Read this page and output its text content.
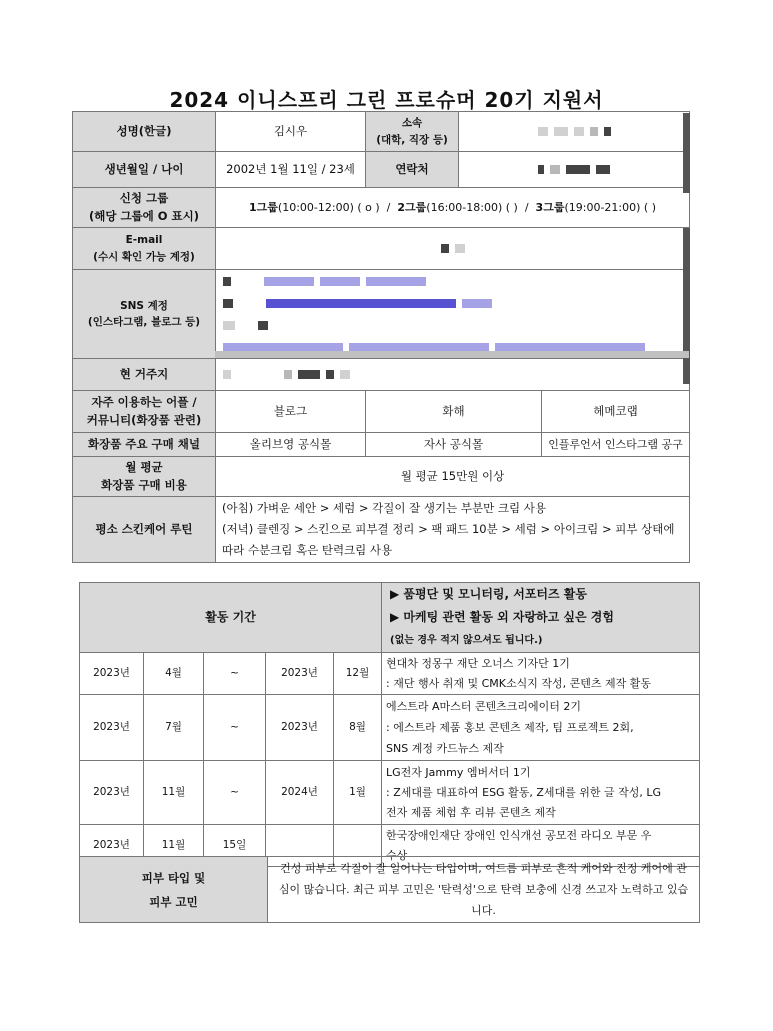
2024 이니스프리 그린 프로슈머 20기 지원서
성명(한글)	김시우	소속
(대학, 직장 등)		
생년월일 / 나이	2002년 1월 11일 / 23세	연락처		
신청 그룹
(해당 그룹에 O 표시)	1그룹(10:00-12:00) ( o ) / 2그룹(16:00-18:00) ( ) / 3그룹(19:00-21:00) ( )			
E-mail
(수시 확인 가능 계정)				
SNS 계정
(인스타그램, 블로그 등)				

현 거주지				
자주 이용하는 어플 /
커뮤니티(화장품 관련)	블로그	화해		헤메코랩
화장품 주요 구매 채널	올리브영 공식몰	자사 공식몰		인플루언서 인스타그램 공구
월 평균
화장품 구매 비용	월 평균 15만원 이상			
평소 스킨케어 루틴	(아침) 가벼운 세안 > 세럼 > 각질이 잘 생기는 부분만 크림 사용
(저녁) 클렌징 > 스킨으로 피부결 정리 > 팩 패드 10분 > 세럼 > 아이크림 > 피부 상태에 따라 수분크림 혹은 탄력크림 사용			
활동 기간					▶ 품평단 및 모니터링, 서포터즈 활동
▶ 마케팅 관련 활동 외 자랑하고 싶은 경험
(없는 경우 적지 않으셔도 됩니다.)
2023년	4월	~	2023년	12월	현대차 정몽구 재단 오너스 기자단 1기
: 재단 행사 취재 및 CMK소식지 작성, 콘텐츠 제작 활동
2023년	7월	~	2023년	8월	에스트라 A마스터 콘텐츠크리에이터 2기
: 에스트라 제품 홍보 콘텐츠 제작, 팀 프로젝트 2회,
SNS 계정 카드뉴스 제작
2023년	11월	~	2024년	1월	LG전자 Jammy 엠버서더 1기
: Z세대를 대표하여 ESG 활동, Z세대를 위한 글 작성, LG
전자 제품 체험 후 리뷰 콘텐츠 제작
2023년	11월	15일			한국장애인재단 장애인 인식개선 공모전 라디오 부문 우
수상
피부 타입 및
피부 고민	건성 피부로 각질이 잘 일어나는 타입이며, 여드름 피부로 흔적 케어와 진정 케어에 관심이 많습니다. 최근 피부 고민은 '탄력성'으로 탄력 보충에 신경 쓰고자 노력하고 있습니다.
